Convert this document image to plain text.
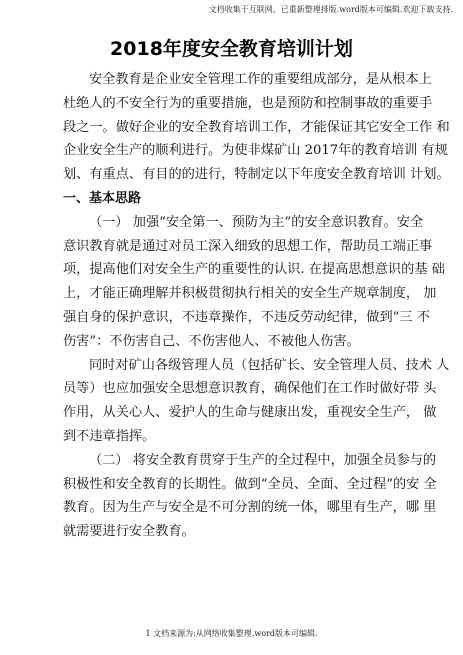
文档收集于互联网，已重新整理排版.word版本可编辑.欢迎下载支持.
2018年度安全教育培训计划
安全教育是企业安全管理工作的重要组成部分，是从根本上
杜绝人的不安全行为的重要措施，也是预防和控制事故的重要手
段之一。做好企业的安全教育培训工作，才能保证其它安全工作 和
企业安全生产的顺利进行。为使非煤矿山 2017年的教育培训 有规
划、有重点、有目的的进行，特制定以下年度安全教育培训 计划。
一、基本思路
（一） 加强“安全第一、预防为主”的安全意识教育。安全
意识教育就是通过对员工深入细致的思想工作，帮助员工端正事
项，提高他们对安全生产的重要性的认识. 在提高思想意识的基 础
上，才能正确理解并积极贯彻执行相关的安全生产规章制度， 加
强自身的保护意识，不违章操作，不违反劳动纪律，做到“三 不
伤害”：不伤害自己、不伤害他人、不被他人伤害。
同时对矿山各级管理人员（包括矿长、安全管理人员、技术 人
员等）也应加强安全思想意识教育，确保他们在工作时做好带 头
作用，从关心人、爱护人的生命与健康出发，重视安全生产， 做
到不违章指挥。
（二） 将安全教育贯穿于生产的全过程中，加强全员参与的
积极性和安全教育的长期性。做到“全员、全面、全过程”的安 全
教育。因为生产与安全是不可分割的统一体，哪里有生产，哪 里
就需要进行安全教育。
1 文档来源为:从网络收集整理.word版本可编辑.
